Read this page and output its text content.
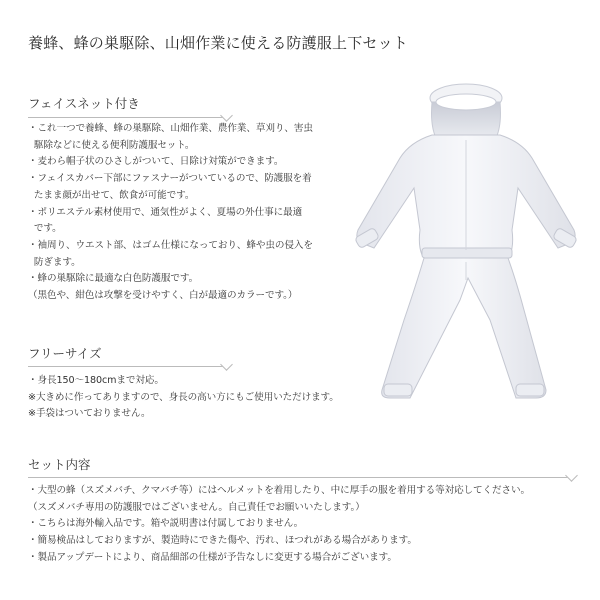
養蜂、蜂の巣駆除、山畑作業に使える防護服上下セット
フェイスネット付き
・これ一つで養蜂、蜂の巣駆除、山畑作業、農作業、草刈り、害虫
駆除などに使える便利防護服セット。
・麦わら帽子状のひさしがついて、日除け対策ができます。
・フェイスカバー下部にファスナーがついているので、防護服を着
たまま顔が出せて、飲食が可能です。
・ポリエステル素材使用で、通気性がよく、夏場の外仕事に最適
です。
・袖周り、ウエスト部、はゴム仕様になっており、蜂や虫の侵入を
防ぎます。
・蜂の巣駆除に最適な白色防護服です。
（黒色や、紺色は攻撃を受けやすく、白が最適のカラーです。）
フリーサイズ
・身長150～180cmまで対応。
※大きめに作ってありますので、身長の高い方にもご使用いただけます。
※手袋はついておりません。
セット内容
・大型の蜂（スズメバチ、クマバチ等）にはヘルメットを着用したり、中に厚手の服を着用する等対応してください。
（スズメバチ専用の防護服ではございません。自己責任でお願いいたします。）
・こちらは海外輸入品です。箱や説明書は付属しておりません。
・簡易検品はしておりますが、製造時にできた傷や、汚れ、ほつれがある場合があります。
・製品アップデートにより、商品細部の仕様が予告なしに変更する場合がございます。
